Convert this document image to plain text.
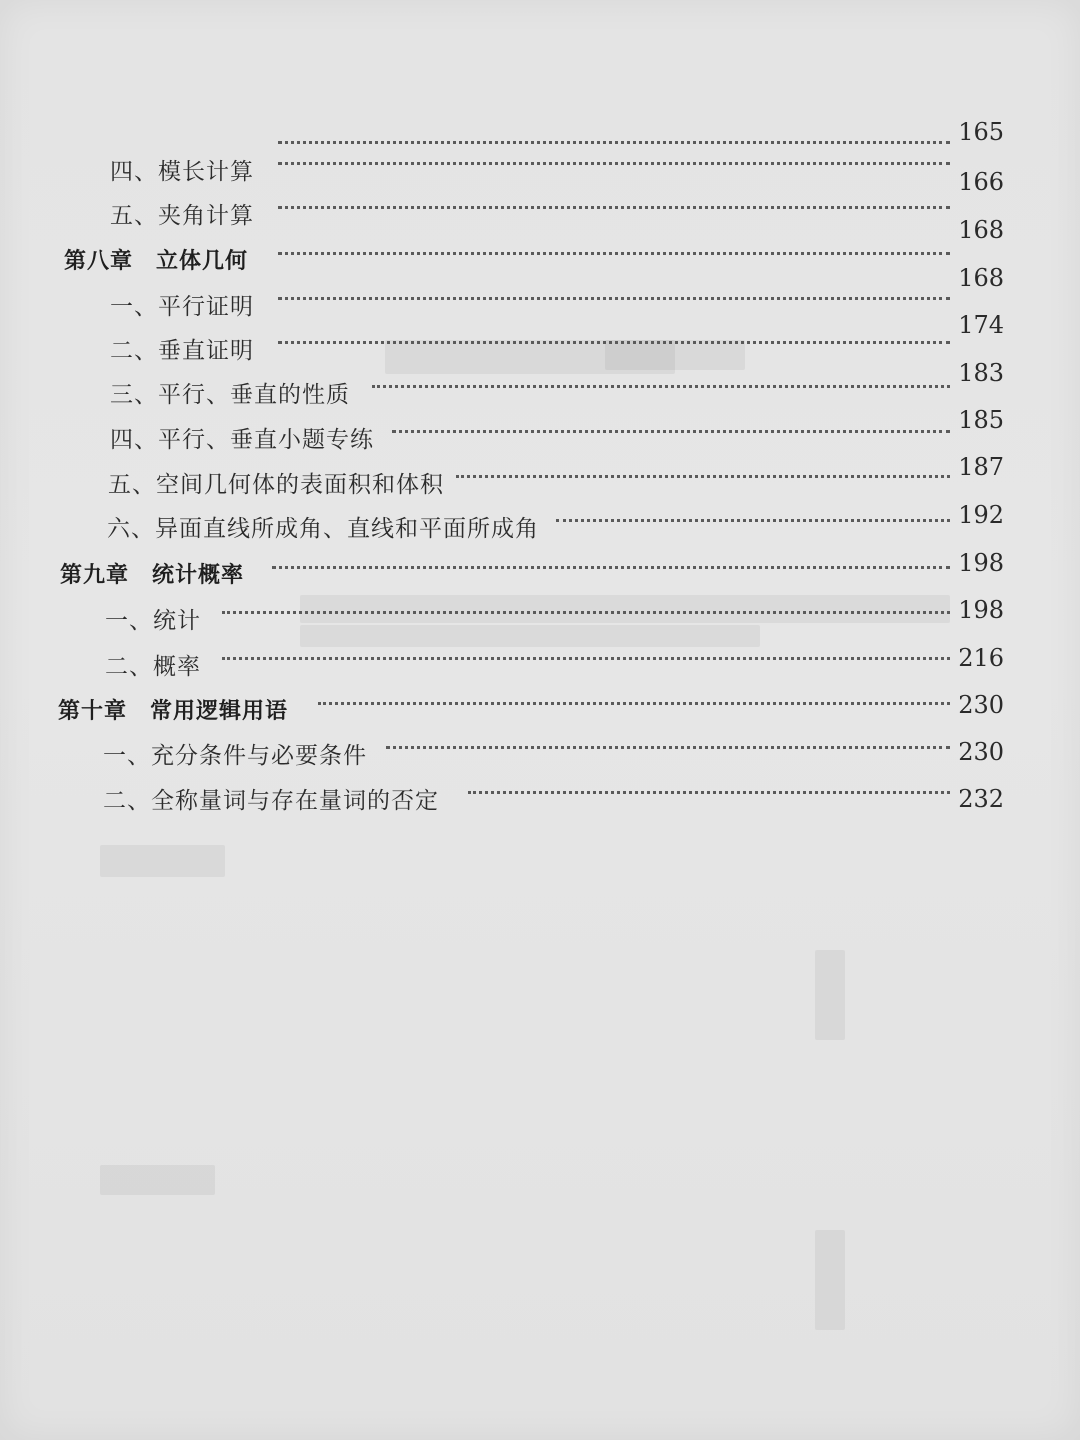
165
四、模长计算	166
五、夹角计算	168
第八章　立体几何
168
一、平行证明
174
二、垂直证明
183
三、平行、垂直的性质
185
四、平行、垂直小题专练
187
五、空间几何体的表面积和体积
192
六、异面直线所成角、直线和平面所成角
198
第九章　统计概率
198
一、统计
216
二、概率
230
第十章　常用逻辑用语
230
一、充分条件与必要条件
232
二、全称量词与存在量词的否定
